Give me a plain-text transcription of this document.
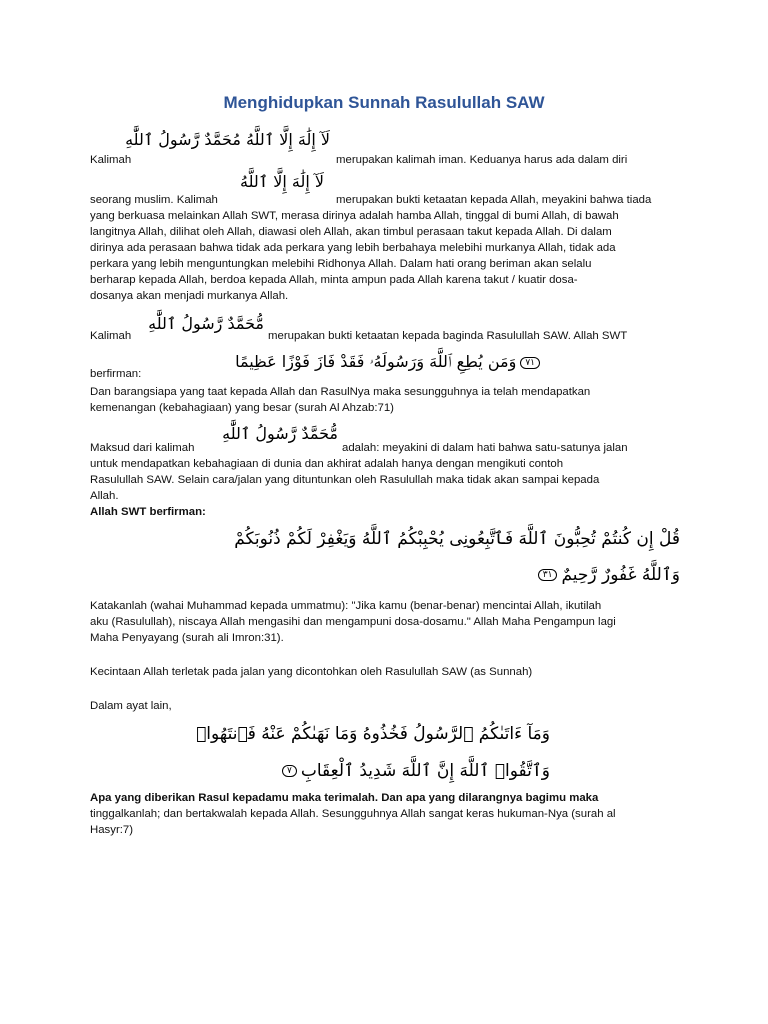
Menghidupkan Sunnah Rasulullah SAW
Kalimah
لَآ إِلَٰهَ إِلَّا ٱللَّهُ مُحَمَّدٌ رَّسُولُ ٱللَّٰهِ
merupakan kalimah iman. Keduanya harus ada dalam diri
seorang muslim. Kalimah
لَآ إِلَٰهَ إِلَّا ٱللَّهُ
merupakan bukti ketaatan kepada Allah, meyakini bahwa tiada
yang berkuasa melainkan Allah SWT, merasa dirinya adalah hamba Allah, tinggal di bumi Allah, di bawah
langitnya Allah, dilihat oleh Allah, diawasi oleh Allah, akan timbul perasaan takut kepada Allah. Di dalam
dirinya ada perasaan bahwa tidak ada perkara yang lebih berbahaya melebihi murkanya Allah, tidak ada
perkara yang lebih menguntungkan melebihi Ridhonya Allah. Dalam hati orang beriman akan selalu
berharap kepada Allah, berdoa kepada Allah, minta ampun pada Allah karena takut / kuatir dosa-
dosanya akan menjadi murkanya Allah.
Kalimah
مُّحَمَّدٌ رَّسُولُ ٱللَّٰهِ
merupakan bukti ketaatan kepada baginda Rasulullah SAW. Allah SWT
berfirman:
٧١وَمَن يُطِعِ ٱللَّهَ وَرَسُولَهُۥ فَقَدْ فَازَ فَوْزًا عَظِيمًا
Dan barangsiapa yang taat kepada Allah dan RasulNya maka sesungguhnya ia telah mendapatkan
kemenangan (kebahagiaan) yang besar (surah Al Ahzab:71)
Maksud dari kalimah
مُّحَمَّدٌ رَّسُولُ ٱللَّٰهِ
adalah: meyakini di dalam hati bahwa satu-satunya jalan
untuk mendapatkan kebahagiaan di dunia dan akhirat adalah hanya dengan mengikuti contoh
Rasulullah SAW. Selain cara/jalan yang dituntunkan oleh Rasulullah maka tidak akan sampai kepada
Allah.
Allah SWT berfirman:
قُلْ إِن كُنتُمْ تُحِبُّونَ ٱللَّهَ فَٱتَّبِعُونِى يُحْبِبْكُمُ ٱللَّهُ وَيَغْفِرْ لَكُمْ ذُنُوبَكُمْ
وَٱللَّهُ غَفُورٌ رَّحِيمٌ٣١
Katakanlah (wahai Muhammad kepada ummatmu): "Jika kamu (benar-benar) mencintai Allah, ikutilah
aku (Rasulullah), niscaya Allah mengasihi dan mengampuni dosa-dosamu." Allah Maha Pengampun lagi
Maha Penyayang (surah ali Imron:31).
Kecintaan Allah terletak pada jalan yang dicontohkan oleh Rasulullah SAW (as Sunnah)
Dalam ayat lain,
وَمَآ ءَاتَىٰكُمُ ٱلرَّسُولُ فَخُذُوهُ وَمَا نَهَىٰكُمْ عَنْهُ فَٱنتَهُوا۟
وَٱتَّقُوا۟ ٱللَّهَ إِنَّ ٱللَّهَ شَدِيدُ ٱلْعِقَابِ٧
Apa yang diberikan Rasul kepadamu maka terimalah. Dan apa yang dilarangnya bagimu maka
tinggalkanlah; dan bertakwalah kepada Allah. Sesungguhnya Allah sangat keras hukuman-Nya (surah al
Hasyr:7)
